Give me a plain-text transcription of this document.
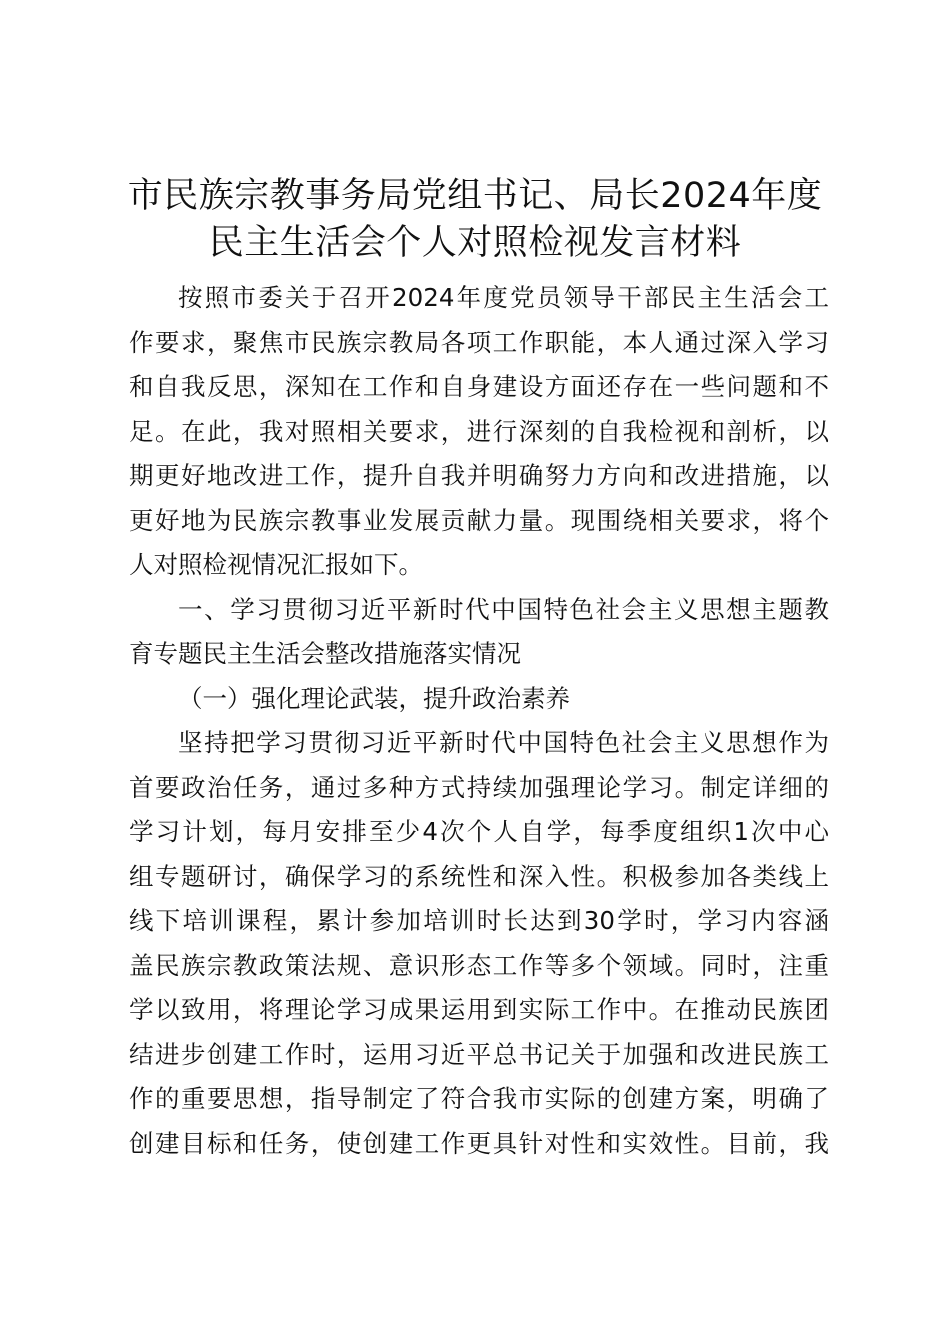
市民族宗教事务局党组书记、局长2024年度
民主生活会个人对照检视发言材料
按照市委关于召开2024年度党员领导干部民主生活会工
作要求，聚焦市民族宗教局各项工作职能，本人通过深入学习
和自我反思，深知在工作和自身建设方面还存在一些问题和不
足。在此，我对照相关要求，进行深刻的自我检视和剖析，以
期更好地改进工作，提升自我并明确努力方向和改进措施，以
更好地为民族宗教事业发展贡献力量。现围绕相关要求，将个
人对照检视情况汇报如下。
一、学习贯彻习近平新时代中国特色社会主义思想主题教
育专题民主生活会整改措施落实情况
（一）强化理论武装，提升政治素养
坚持把学习贯彻习近平新时代中国特色社会主义思想作为
首要政治任务，通过多种方式持续加强理论学习。制定详细的
学习计划，每月安排至少4次个人自学，每季度组织1次中心
组专题研讨，确保学习的系统性和深入性。积极参加各类线上
线下培训课程，累计参加培训时长达到30学时，学习内容涵
盖民族宗教政策法规、意识形态工作等多个领域。同时，注重
学以致用，将理论学习成果运用到实际工作中。在推动民族团
结进步创建工作时，运用习近平总书记关于加强和改进民族工
作的重要思想，指导制定了符合我市实际的创建方案，明确了
创建目标和任务，使创建工作更具针对性和实效性。目前，我
